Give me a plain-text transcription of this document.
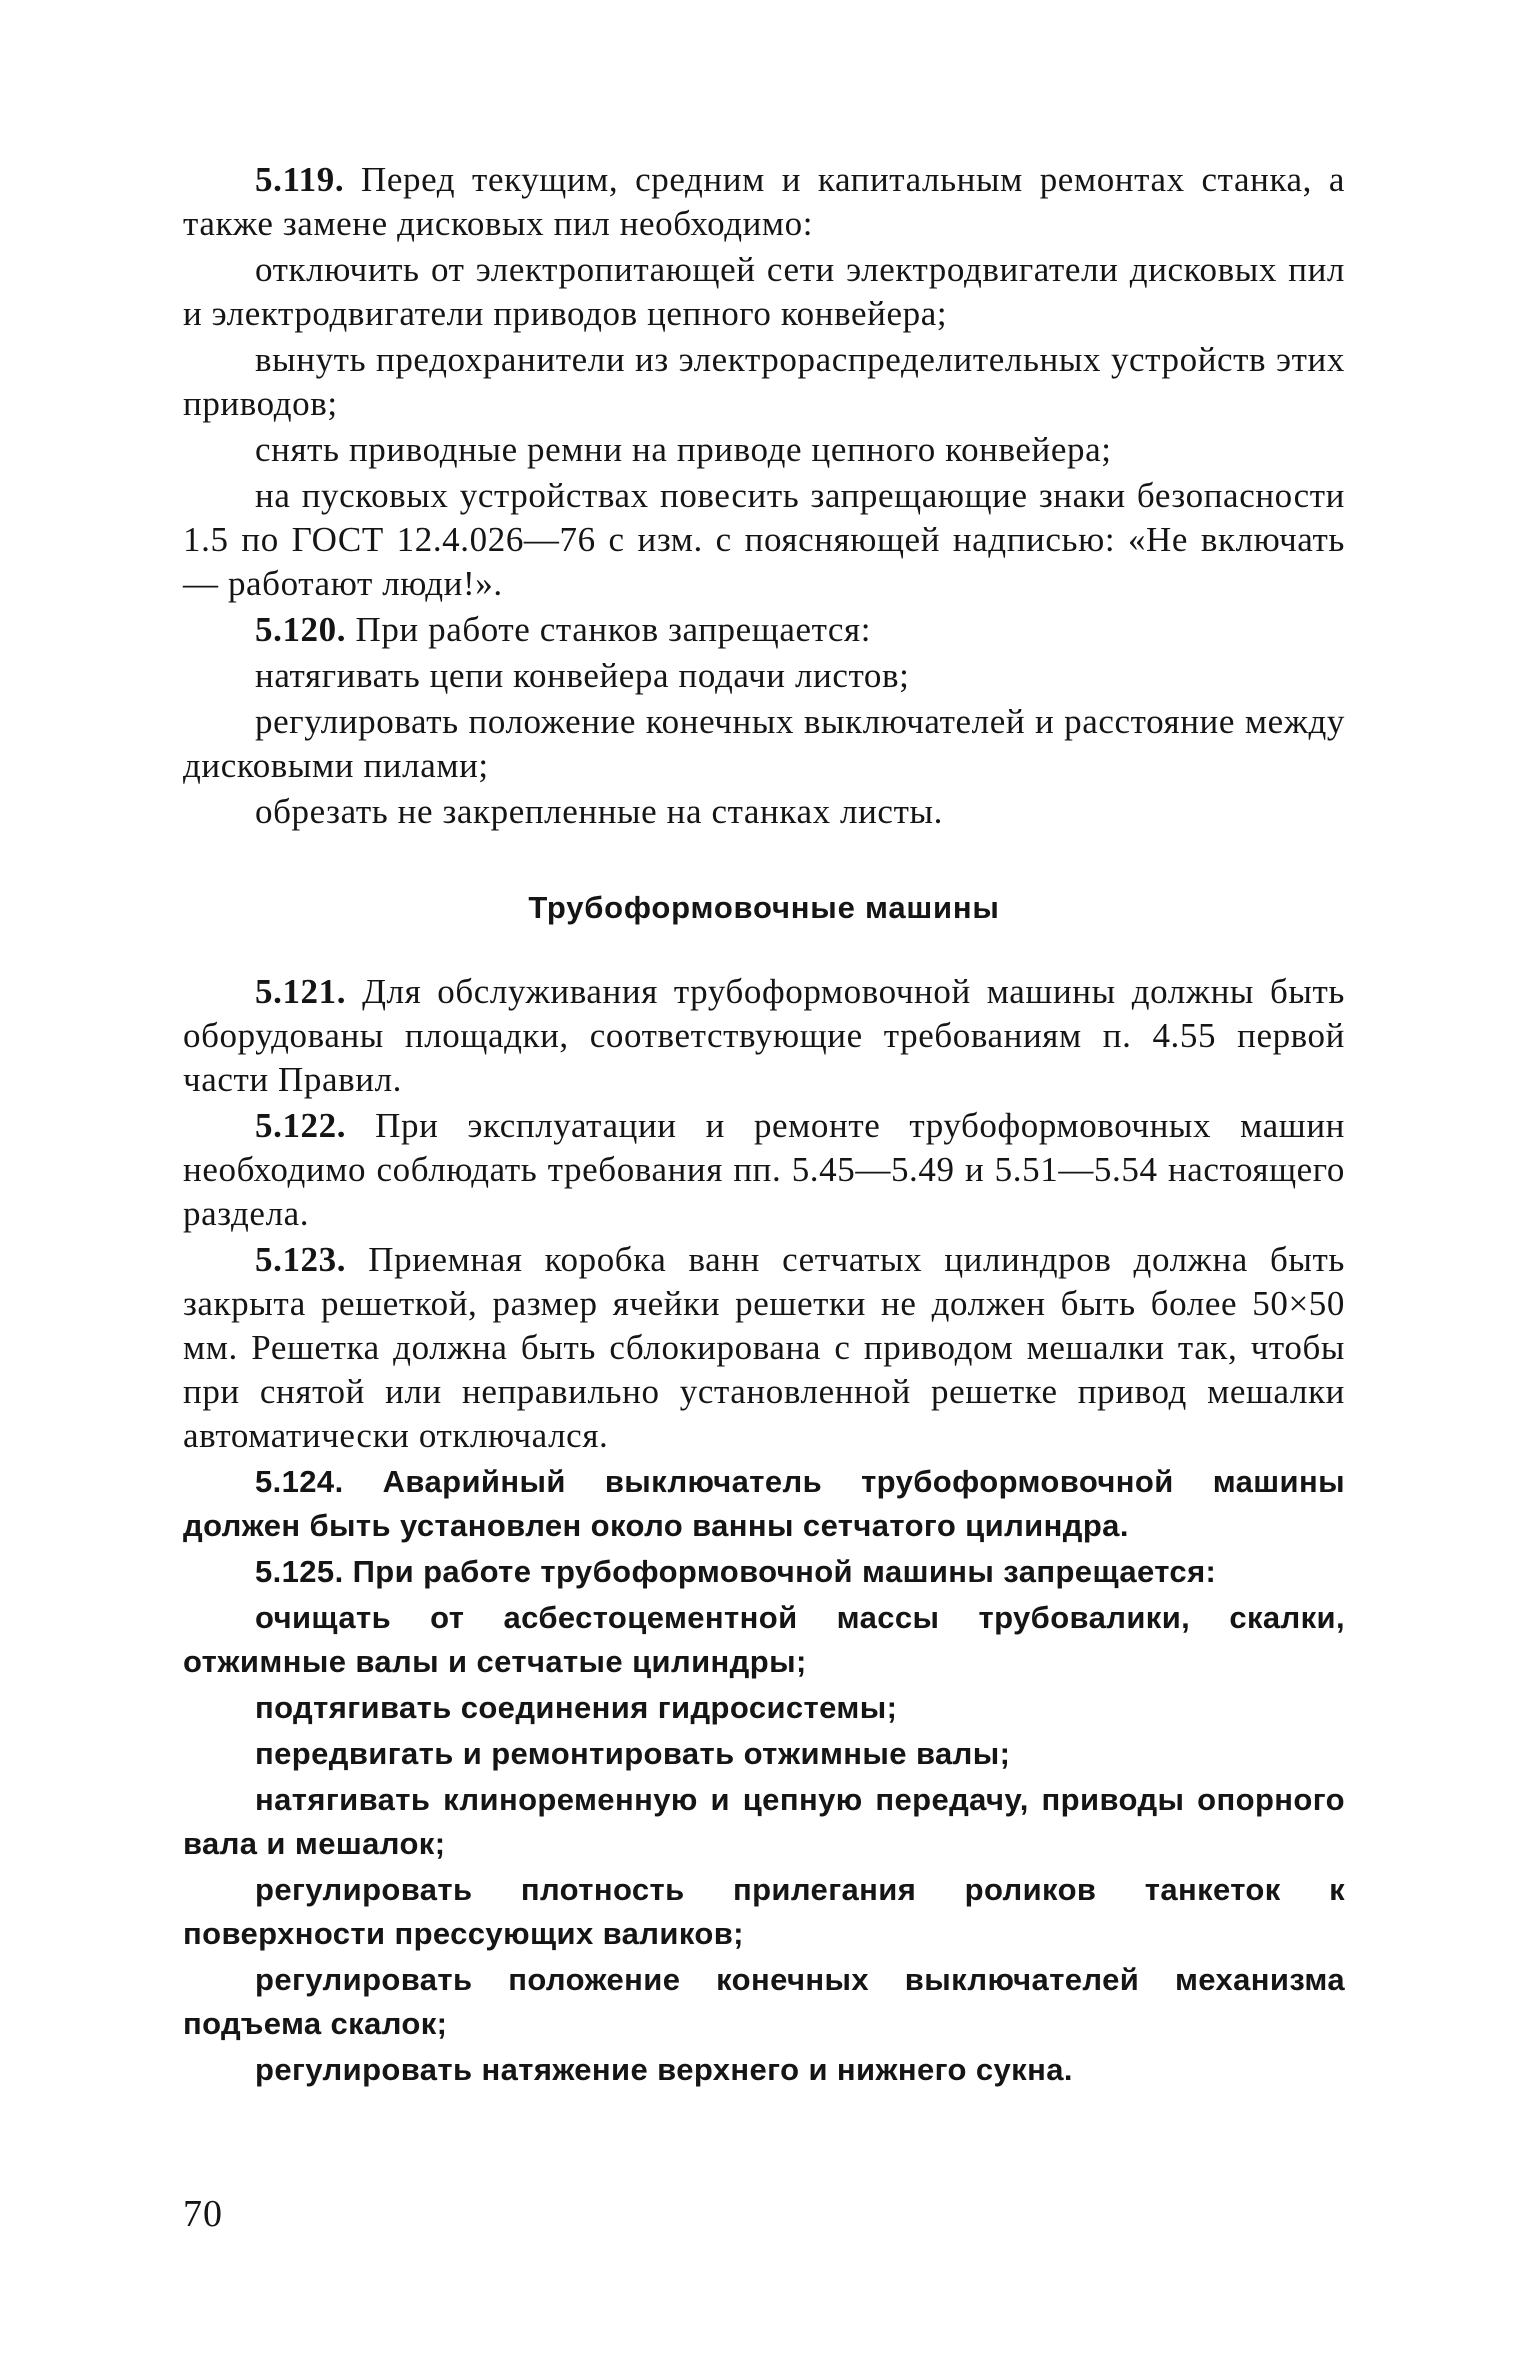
5.119. Перед текущим, средним и капитальным ремонтах станка, а также замене дисковых пил необходимо:

отключить от электропитающей сети электродвигатели дисковых пил и электродвигатели приводов цепного конвейера;

вынуть предохранители из электрораспределительных устройств этих приводов;

снять приводные ремни на приводе цепного конвейера;

на пусковых устройствах повесить запрещающие знаки безопасности 1.5 по ГОСТ 12.4.026—76 с изм. с поясняющей надписью: «Не включать — работают люди!».

5.120. При работе станков запрещается:

натягивать цепи конвейера подачи листов;

регулировать положение конечных выключателей и расстояние между дисковыми пилами;

обрезать не закрепленные на станках листы.

Трубоформовочные машины

5.121. Для обслуживания трубоформовочной машины должны быть оборудованы площадки, соответствующие требованиям п. 4.55 первой части Правил.

5.122. При эксплуатации и ремонте трубоформовочных машин необходимо соблюдать требования пп. 5.45—5.49 и 5.51—5.54 настоящего раздела.

5.123. Приемная коробка ванн сетчатых цилиндров должна быть закрыта решеткой, размер ячейки решетки не должен быть более 50×50 мм. Решетка должна быть сблокирована с приводом мешалки так, чтобы при снятой или неправильно установленной решетке привод мешалки автоматически отключался.

5.124. Аварийный выключатель трубоформовочной машины должен быть установлен около ванны сетчатого цилиндра.

5.125. При работе трубоформовочной машины запрещается:

очищать от асбестоцементной массы трубовалики, скалки, отжимные валы и сетчатые цилиндры;

подтягивать соединения гидросистемы;

передвигать и ремонтировать отжимные валы;

натягивать клиноременную и цепную передачу, приводы опорного вала и мешалок;

регулировать плотность прилегания роликов танкеток к поверхности прессующих валиков;

регулировать положение конечных выключателей механизма подъема скалок;

регулировать натяжение верхнего и нижнего сукна.

70
